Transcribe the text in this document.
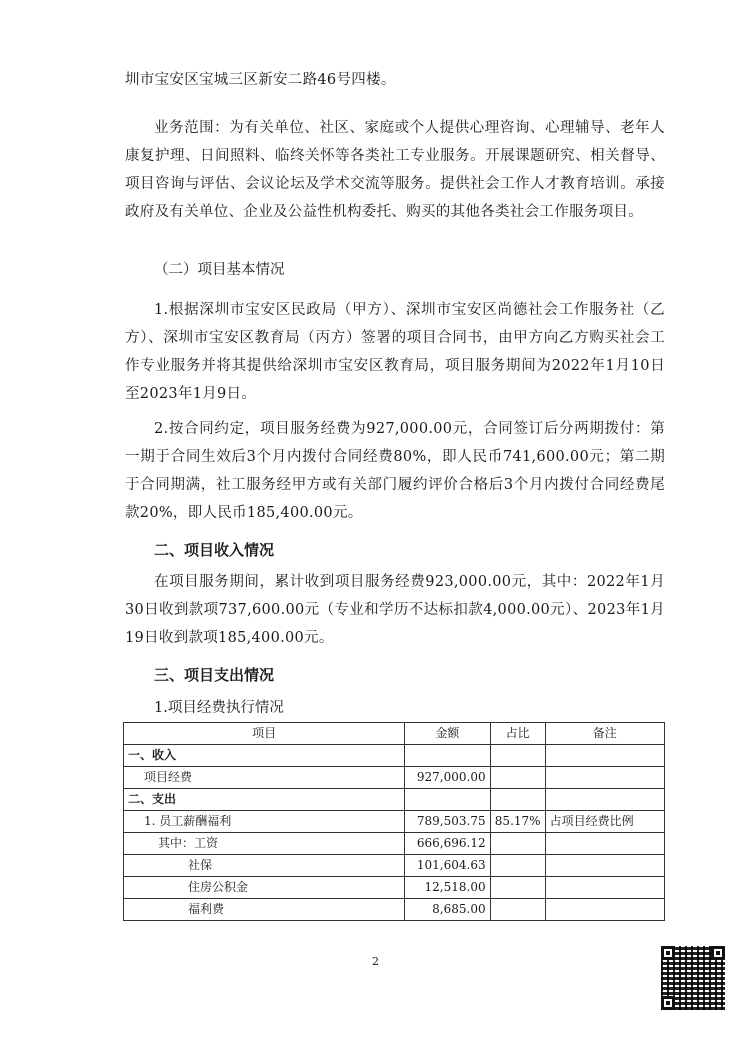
圳市宝安区宝城三区新安二路46号四楼。

业务范围：为有关单位、社区、家庭或个人提供心理咨询、心理辅导、老年人康复护理、日间照料、临终关怀等各类社工专业服务。开展课题研究、相关督导、项目咨询与评估、会议论坛及学术交流等服务。提供社会工作人才教育培训。承接政府及有关单位、企业及公益性机构委托、购买的其他各类社会工作服务项目。

（二）项目基本情况

1.根据深圳市宝安区民政局（甲方）、深圳市宝安区尚德社会工作服务社（乙方）、深圳市宝安区教育局（丙方）签署的项目合同书，由甲方向乙方购买社会工作专业服务并将其提供给深圳市宝安区教育局，项目服务期间为2022年1月10日至2023年1月9日。

2.按合同约定，项目服务经费为927,000.00元，合同签订后分两期拨付：第一期于合同生效后3个月内拨付合同经费80%，即人民币741,600.00元；第二期于合同期满，社工服务经甲方或有关部门履约评价合格后3个月内拨付合同经费尾款20%，即人民币185,400.00元。

二、项目收入情况

在项目服务期间，累计收到项目服务经费923,000.00元，其中：2022年1月30日收到款项737,600.00元（专业和学历不达标扣款4,000.00元）、2023年1月19日收到款项185,400.00元。

三、项目支出情况

1.项目经费执行情况

项目	金额	占比	备注
一、收入			
项目经费	927,000.00		
二、支出			
1. 员工薪酬福利	789,503.75	85.17%	占项目经费比例
其中：工资	666,696.12		
社保	101,604.63		
住房公积金	12,518.00		
福利费	8,685.00		
2
